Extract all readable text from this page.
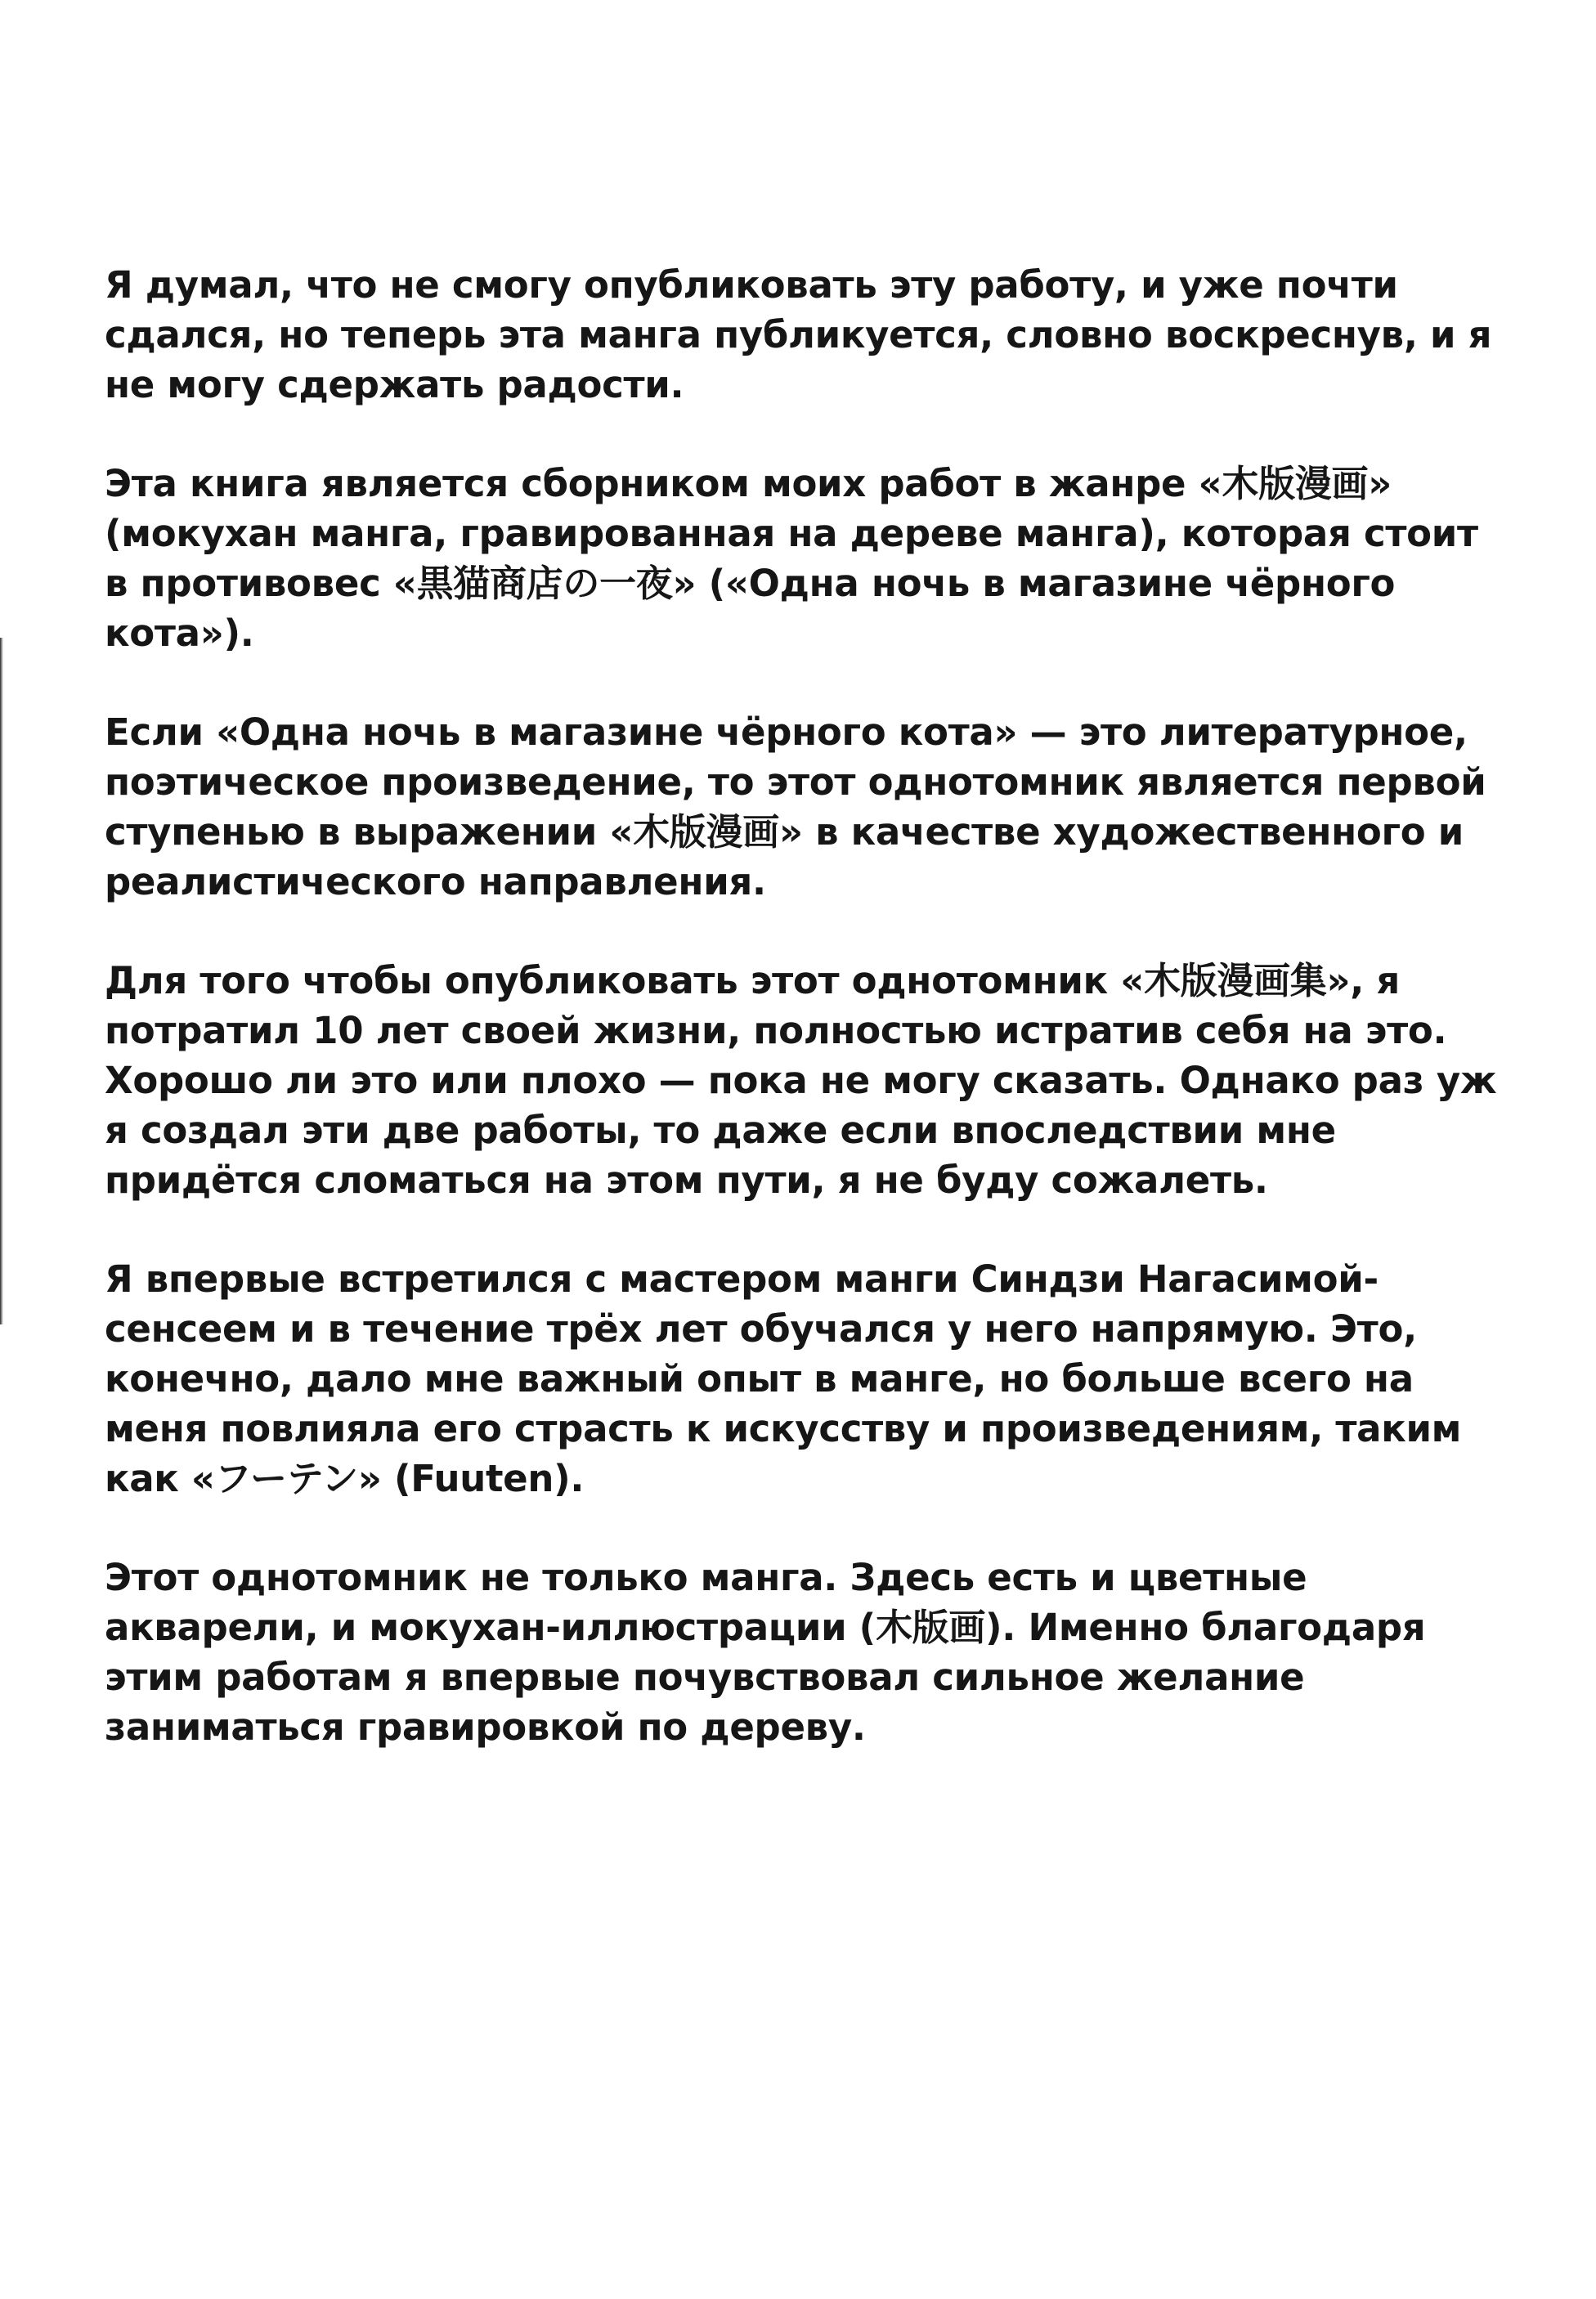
Я думал, что не смогу опубликовать эту работу, и уже почти сдался, но теперь эта манга публикуется, словно воскреснув, и я не могу сдержать радости.

Эта книга является сборником моих работ в жанре «木版漫画» (мокухан манга, гравированная на дереве манга), которая стоит в противовес «黒猫商店の一夜» («Одна ночь в магазине чёрного кота»).

Если «Одна ночь в магазине чёрного кота» — это литературное, поэтическое произведение, то этот однотомник является первой ступенью в выражении «木版漫画» в качестве художественного и реалистического направления.

Для того чтобы опубликовать этот однотомник «木版漫画集», я потратил 10 лет своей жизни, полностью истратив себя на это. Хорошо ли это или плохо — пока не могу сказать. Однако раз уж я создал эти две работы, то даже если впоследствии мне придётся сломаться на этом пути, я не буду сожалеть.

Я впервые встретился с мастером манги Синдзи Нагасимой-сенсеем и в течение трёх лет обучался у него напрямую. Это, конечно, дало мне важный опыт в манге, но больше всего на меня повлияла его страсть к искусству и произведениям, таким как «フーテン» (Fuuten).

Этот однотомник не только манга. Здесь есть и цветные акварели, и мокухан-иллюстрации (木版画). Именно благодаря этим работам я впервые почувствовал сильное желание заниматься гравировкой по дереву.
